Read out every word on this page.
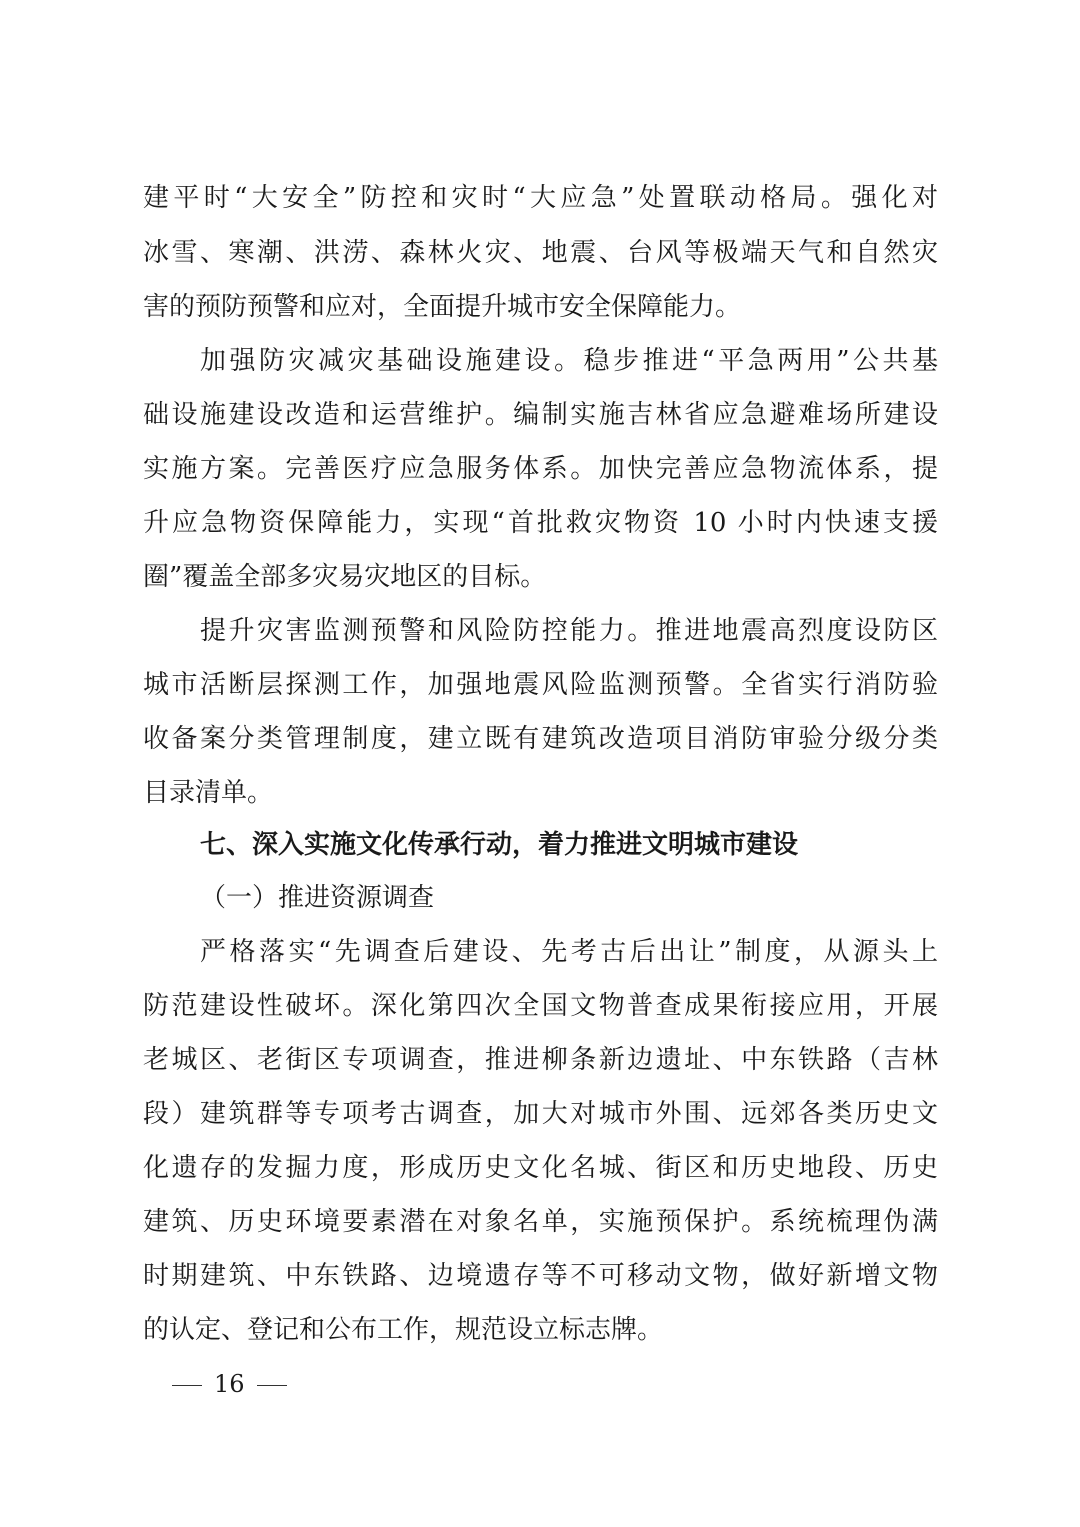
建平时“大安全”防控和灾时“大应急”处置联动格局。强化对
冰雪、寒潮、洪涝、森林火灾、地震、台风等极端天气和自然灾
害的预防预警和应对，全面提升城市安全保障能力。
加强防灾减灾基础设施建设。稳步推进“平急两用”公共基
础设施建设改造和运营维护。编制实施吉林省应急避难场所建设
实施方案。完善医疗应急服务体系。加快完善应急物流体系，提
升应急物资保障能力，实现“首批救灾物资 10 小时内快速支援
圈”覆盖全部多灾易灾地区的目标。
提升灾害监测预警和风险防控能力。推进地震高烈度设防区
城市活断层探测工作，加强地震风险监测预警。全省实行消防验
收备案分类管理制度，建立既有建筑改造项目消防审验分级分类
目录清单。
七、深入实施文化传承行动，着力推进文明城市建设
（一）推进资源调查
严格落实“先调查后建设、先考古后出让”制度，从源头上
防范建设性破坏。深化第四次全国文物普查成果衔接应用，开展
老城区、老街区专项调查，推进柳条新边遗址、中东铁路（吉林
段）建筑群等专项考古调查，加大对城市外围、远郊各类历史文
化遗存的发掘力度，形成历史文化名城、街区和历史地段、历史
建筑、历史环境要素潜在对象名单，实施预保护。系统梳理伪满
时期建筑、中东铁路、边境遗存等不可移动文物，做好新增文物
的认定、登记和公布工作，规范设立标志牌。
16
